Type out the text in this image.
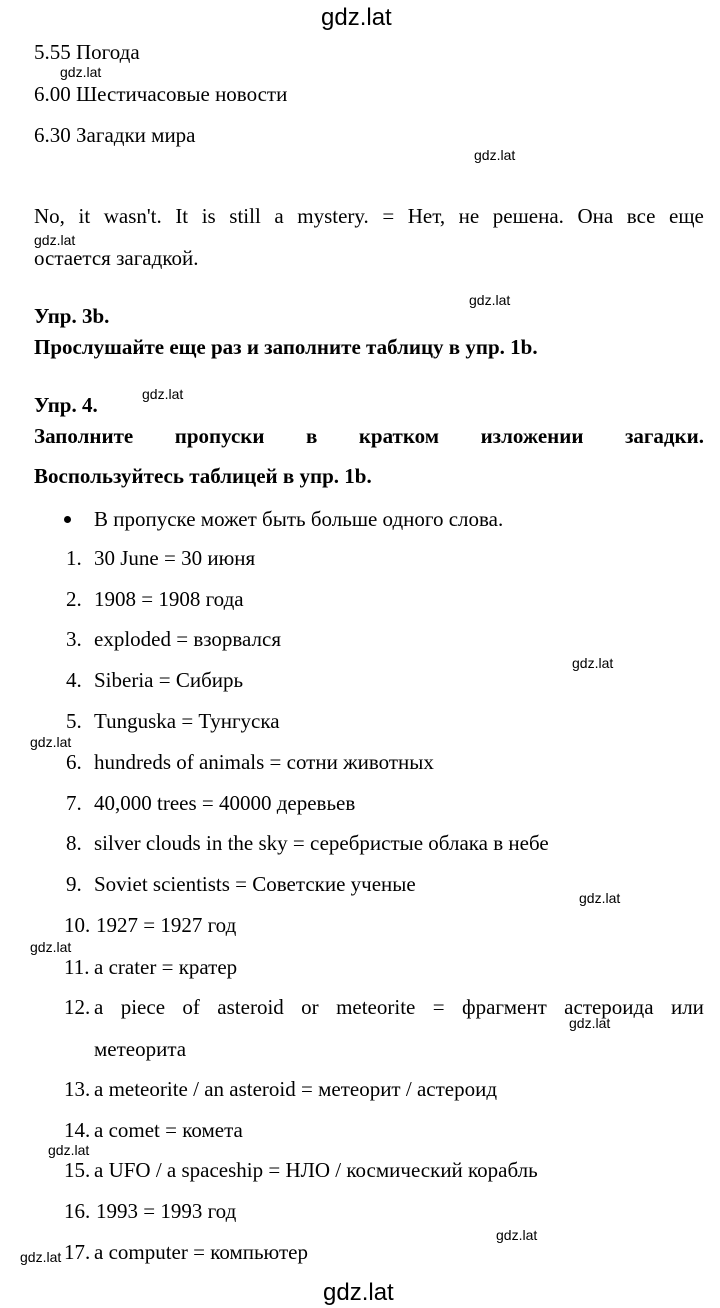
gdz.lat
5.55 Погода
gdz.lat
6.00 Шестичасовые новости
6.30 Загадки мира
gdz.lat
No, it wasn't. It is still a mystery. = Нет, не решена. Она все еще
gdz.lat
остается загадкой.
gdz.lat
Упр. 3b.
Прослушайте еще раз и заполните таблицу в упр. 1b.
Упр. 4.	gdz.lat
Заполните пропуски в кратком изложении загадки.
Воспользуйтесь таблицей в упр. 1b.
В пропуске может быть больше одного слова.
1. 30 June = 30 июня
2. 1908 = 1908 года
3. exploded = взорвался
gdz.lat
4. Siberia = Сибирь
5. Tunguska = Тунгуска
gdz.lat
6. hundreds of animals = сотни животных
7. 40,000 trees = 40000 деревьев
8. silver clouds in the sky = серебристые облака в небе
9. Soviet scientists = Советские ученые
gdz.lat
10. 1927 = 1927 год
gdz.lat
11. a crater = кратер
12. a piece of asteroid or meteorite = фрагмент астероида или
метеорита
gdz.lat
13. a meteorite / an asteroid = метеорит / астероид
14. a comet = комета
gdz.lat
15. a UFO / a spaceship = НЛО / космический корабль
16. 1993 = 1993 год
gdz.lat
17. a computer = компьютер
gdz.lat
gdz.lat
